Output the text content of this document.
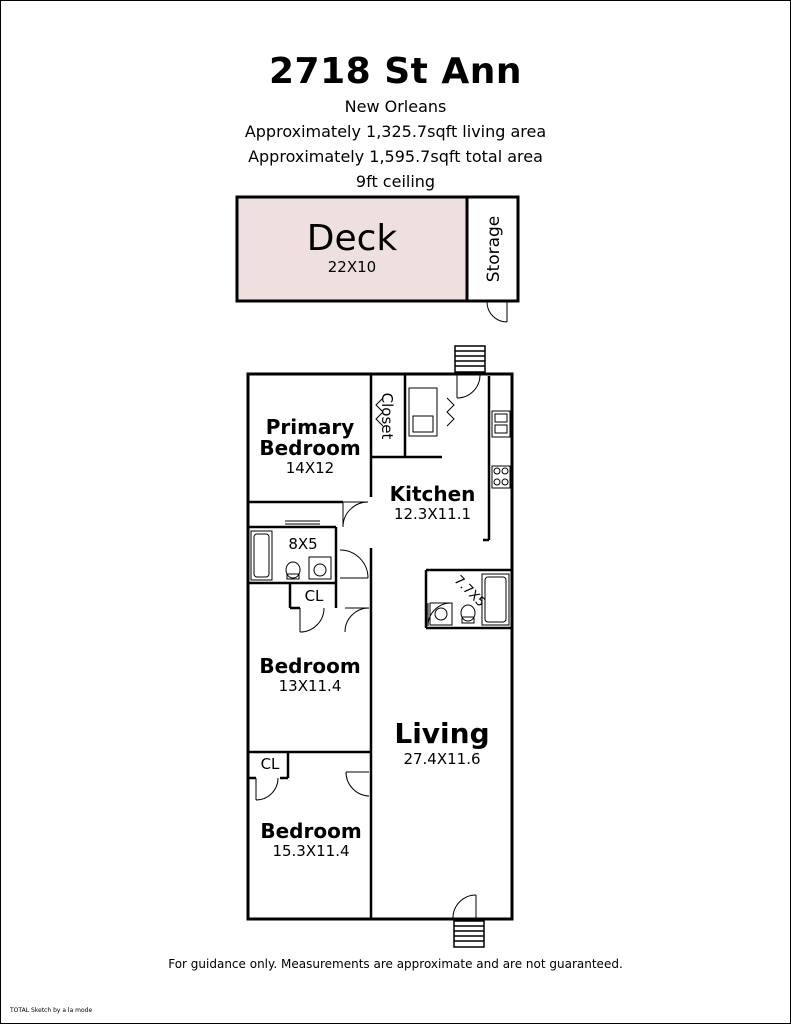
2718 St Ann
New Orleans
Approximately 1,325.7sqft living area
Approximately 1,595.7sqft total area
9ft ceiling
Deck
22X10	Storage
Closet
Primary
Bedroom
14X12
Kitchen
12.3X11.1
8X5
7.7X5
CL
Bedroom
13X11.4
Living
27.4X11.6
CL
Bedroom
15.3X11.4
For guidance only. Measurements are approximate and are not guaranteed.
TOTAL Sketch by a la mode
